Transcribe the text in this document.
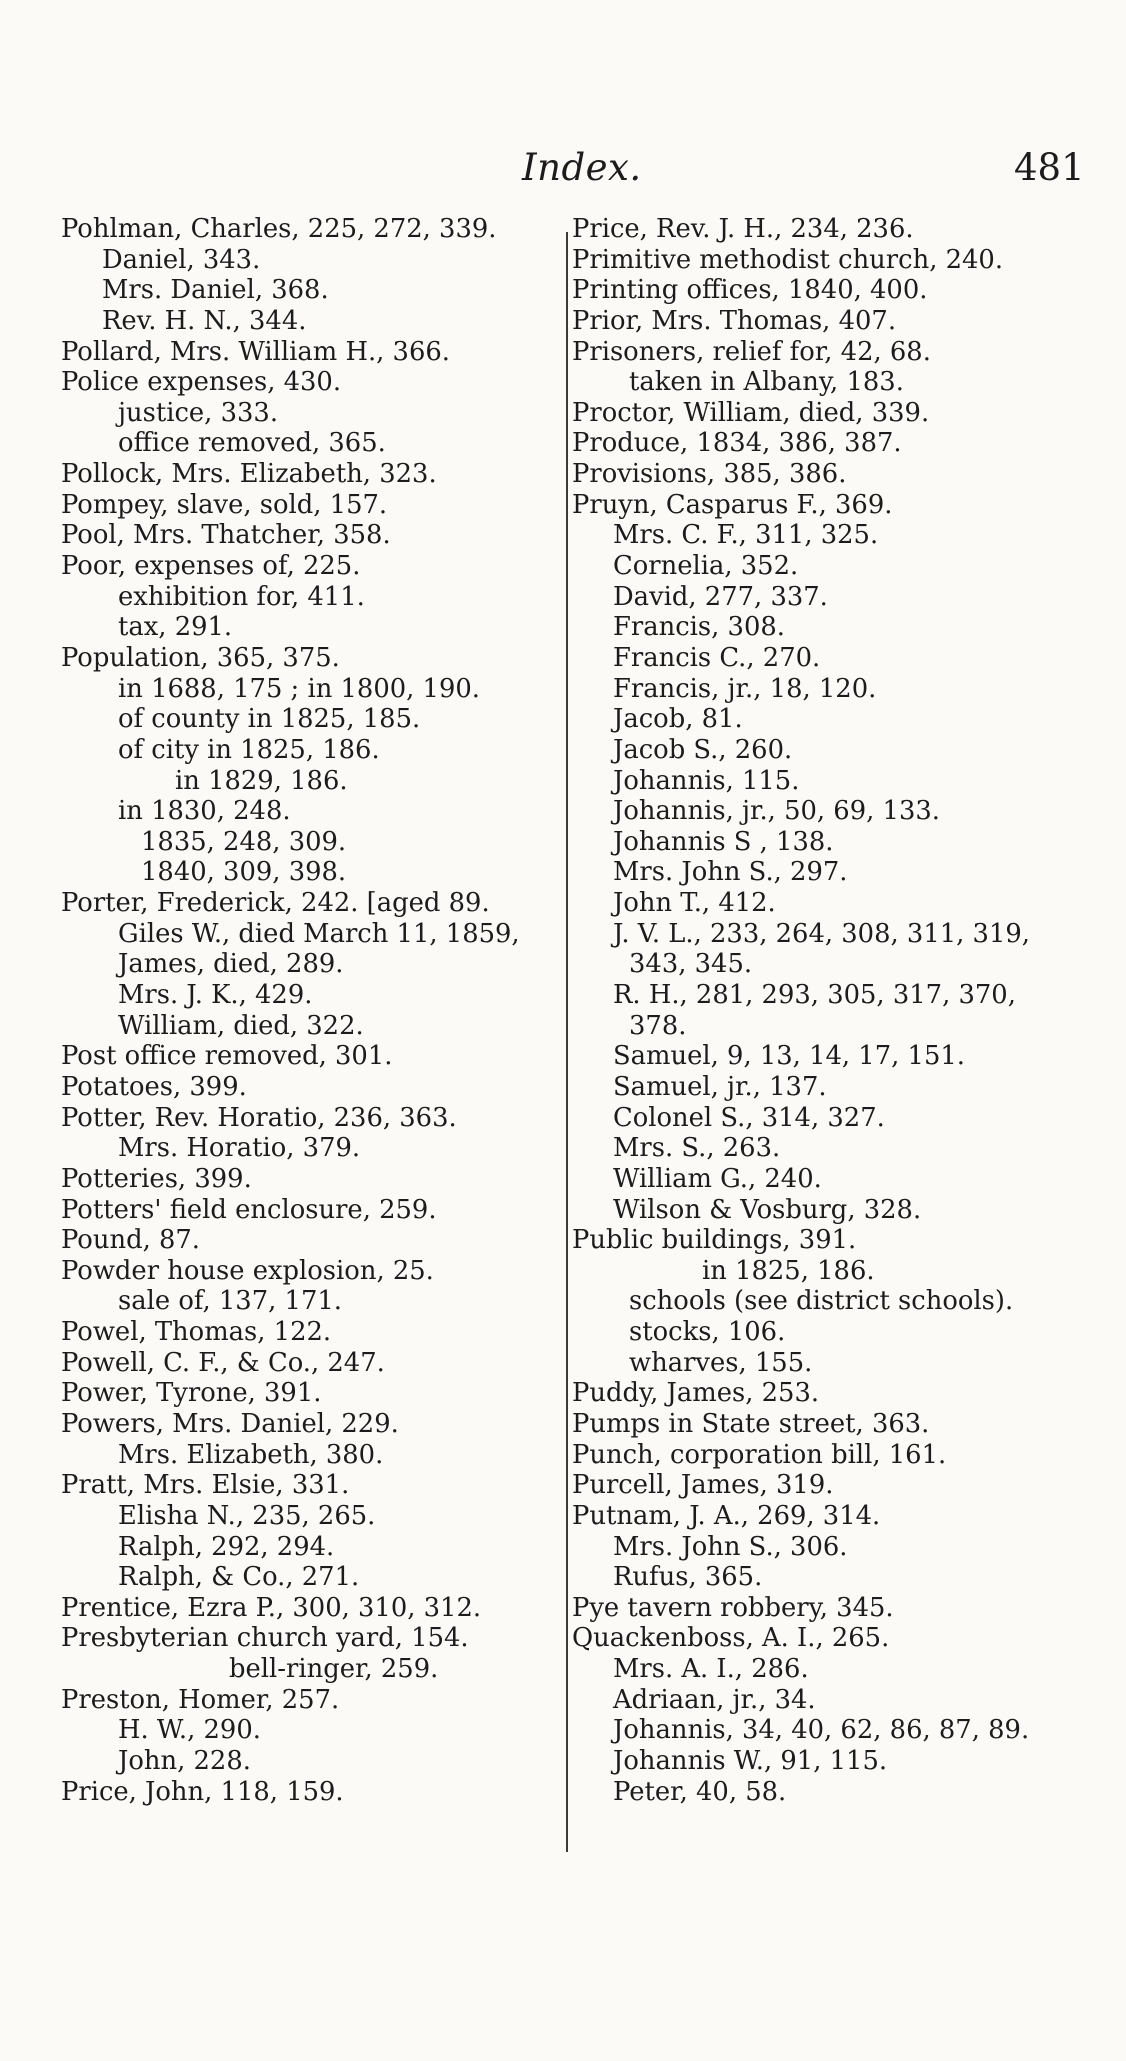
Index.	481
Pohlman, Charles, 225, 272, 339.
Daniel, 343.
Mrs. Daniel, 368.
Rev. H. N., 344.
Pollard, Mrs. William H., 366.
Police expenses, 430.
justice, 333.
office removed, 365.
Pollock, Mrs. Elizabeth, 323.
Pompey, slave, sold, 157.
Pool, Mrs. Thatcher, 358.
Poor, expenses of, 225.
exhibition for, 411.
tax, 291.
Population, 365, 375.
in 1688, 175 ; in 1800, 190.
of county in 1825, 185.
of city in 1825, 186.
in 1829, 186.
in 1830, 248.
1835, 248, 309.
1840, 309, 398.
Porter, Frederick, 242. [aged 89.
Giles W., died March 11, 1859,
James, died, 289.
Mrs. J. K., 429.
William, died, 322.
Post office removed, 301.
Potatoes, 399.
Potter, Rev. Horatio, 236, 363.
Mrs. Horatio, 379.
Potteries, 399.
Potters' field enclosure, 259.
Pound, 87.
Powder house explosion, 25.
sale of, 137, 171.
Powel, Thomas, 122.
Powell, C. F., & Co., 247.
Power, Tyrone, 391.
Powers, Mrs. Daniel, 229.
Mrs. Elizabeth, 380.
Pratt, Mrs. Elsie, 331.
Elisha N., 235, 265.
Ralph, 292, 294.
Ralph, & Co., 271.
Prentice, Ezra P., 300, 310, 312.
Presbyterian church yard, 154.
bell-ringer, 259.
Preston, Homer, 257.
H. W., 290.
John, 228.
Price, John, 118, 159.
Price, Rev. J. H., 234, 236.
Primitive methodist church, 240.
Printing offices, 1840, 400.
Prior, Mrs. Thomas, 407.
Prisoners, relief for, 42, 68.
taken in Albany, 183.
Proctor, William, died, 339.
Produce, 1834, 386, 387.
Provisions, 385, 386.
Pruyn, Casparus F., 369.
Mrs. C. F., 311, 325.
Cornelia, 352.
David, 277, 337.
Francis, 308.
Francis C., 270.
Francis, jr., 18, 120.
Jacob, 81.
Jacob S., 260.
Johannis, 115.
Johannis, jr., 50, 69, 133.
Johannis S , 138.
Mrs. John S., 297.
John T., 412.
J. V. L., 233, 264, 308, 311, 319,
343, 345.
R. H., 281, 293, 305, 317, 370,
378.
Samuel, 9, 13, 14, 17, 151.
Samuel, jr., 137.
Colonel S., 314, 327.
Mrs. S., 263.
William G., 240.
Wilson & Vosburg, 328.
Public buildings, 391.
in 1825, 186.
schools (see district schools).
stocks, 106.
wharves, 155.
Puddy, James, 253.
Pumps in State street, 363.
Punch, corporation bill, 161.
Purcell, James, 319.
Putnam, J. A., 269, 314.
Mrs. John S., 306.
Rufus, 365.
Pye tavern robbery, 345.
Quackenboss, A. I., 265.
Mrs. A. I., 286.
Adriaan, jr., 34.
Johannis, 34, 40, 62, 86, 87, 89.
Johannis W., 91, 115.
Peter, 40, 58.
